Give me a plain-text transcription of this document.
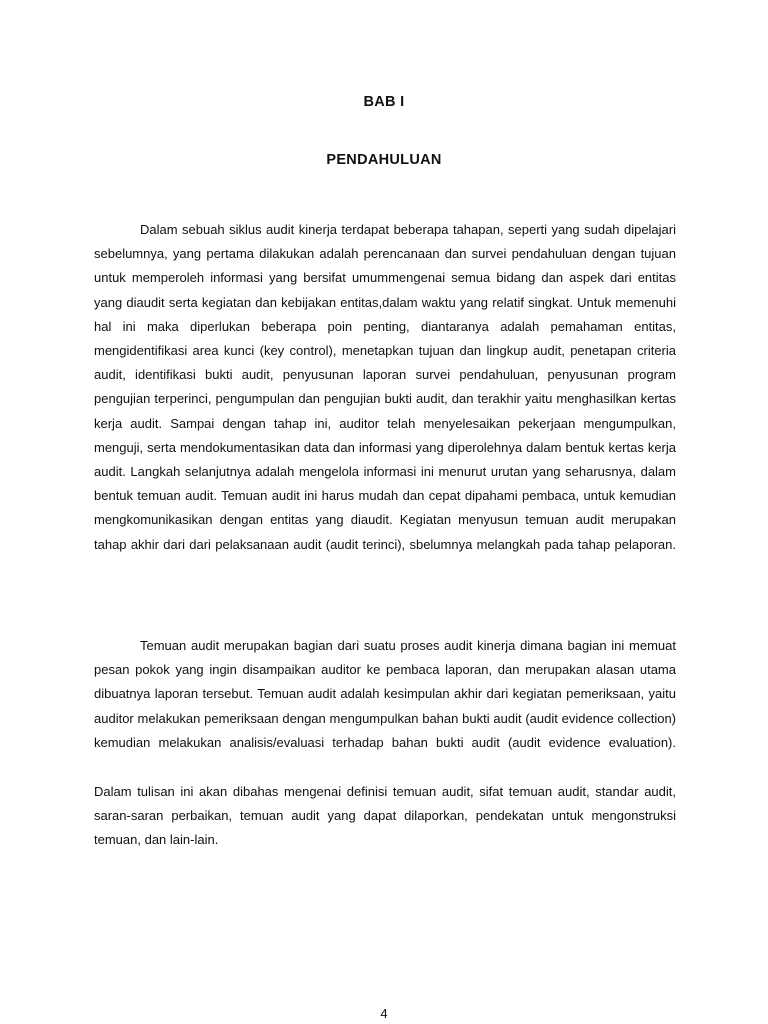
BAB I
PENDAHULUAN

Dalam sebuah siklus audit kinerja terdapat beberapa tahapan, seperti yang sudah dipelajari sebelumnya, yang pertama dilakukan adalah perencanaan dan survei pendahuluan dengan tujuan untuk memperoleh informasi yang bersifat umummengenai semua bidang dan aspek dari entitas yang diaudit serta kegiatan dan kebijakan entitas,dalam waktu yang relatif singkat. Untuk memenuhi hal ini maka diperlukan beberapa poin penting, diantaranya adalah pemahaman entitas, mengidentifikasi area kunci (key control), menetapkan tujuan dan lingkup audit, penetapan criteria audit, identifikasi bukti audit, penyusunan laporan survei pendahuluan, penyusunan program pengujian terperinci, pengumpulan dan pengujian bukti audit, dan terakhir yaitu menghasilkan kertas kerja audit. Sampai dengan tahap ini, auditor telah menyelesaikan pekerjaan mengumpulkan, menguji, serta mendokumentasikan data dan informasi yang diperolehnya dalam bentuk kertas kerja audit. Langkah selanjutnya adalah mengelola informasi ini menurut urutan yang seharusnya, dalam bentuk temuan audit. Temuan audit ini harus mudah dan cepat dipahami pembaca, untuk kemudian mengkomunikasikan dengan entitas yang diaudit. Kegiatan menyusun temuan audit merupakan tahap akhir dari dari pelaksanaan audit (audit terinci), sbelumnya melangkah pada tahap pelaporan.

Temuan audit merupakan bagian dari suatu proses audit kinerja dimana bagian ini memuat pesan pokok yang ingin disampaikan auditor ke pembaca laporan, dan merupakan alasan utama dibuatnya laporan tersebut. Temuan audit adalah kesimpulan akhir dari kegiatan pemeriksaan, yaitu auditor melakukan pemeriksaan dengan mengumpulkan bahan bukti audit (audit evidence collection) kemudian melakukan analisis/evaluasi terhadap bahan bukti audit (audit evidence evaluation).

Dalam tulisan ini akan dibahas mengenai definisi temuan audit, sifat temuan audit, standar audit, saran-saran perbaikan, temuan audit yang dapat dilaporkan, pendekatan untuk mengonstruksi temuan, dan lain-lain.

4
